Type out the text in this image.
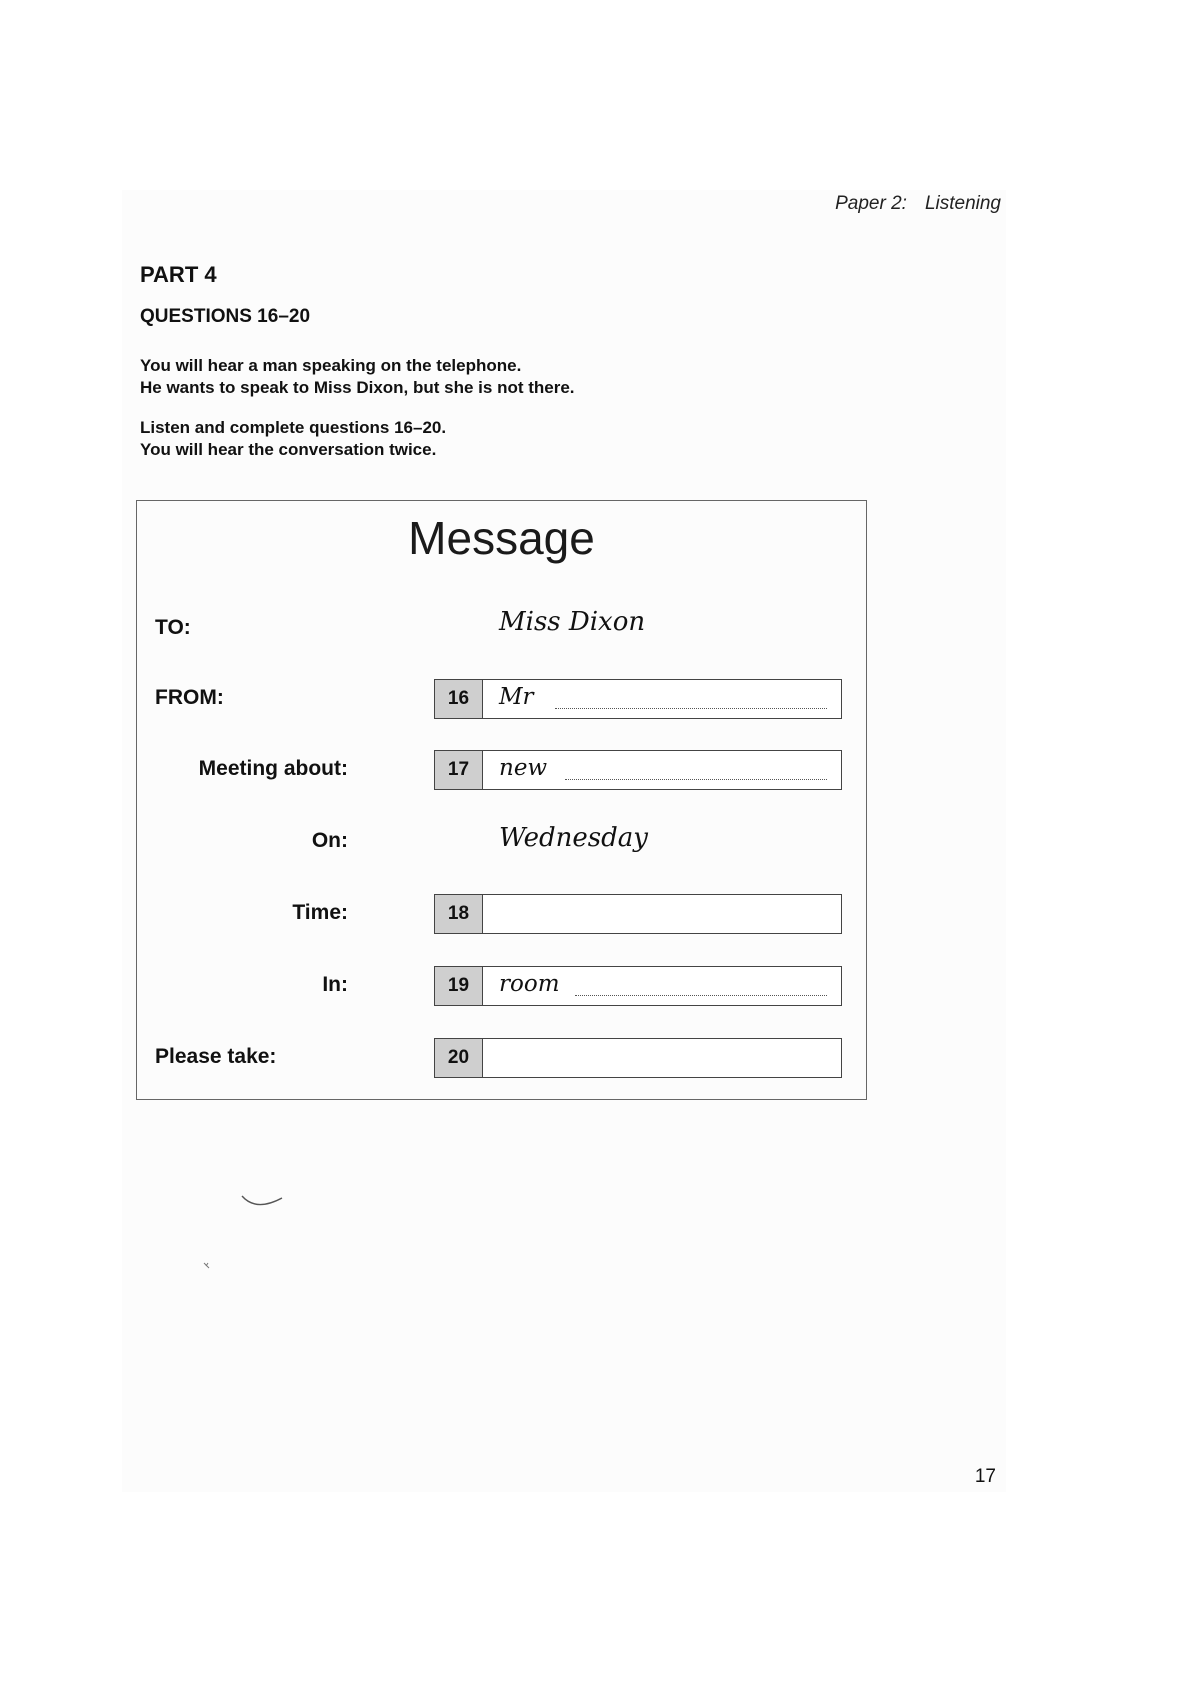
Paper 2: Listening
PART 4
QUESTIONS 16–20
You will hear a man speaking on the telephone.
He wants to speak to Miss Dixon, but she is not there.
Listen and complete questions 16–20.
You will hear the conversation twice.
Message
TO:	Miss Dixon
FROM:	16	Mr
Meeting about:	17	new
On:	Wednesday
Time:	18
In:	19	room
Please take:	20
17
